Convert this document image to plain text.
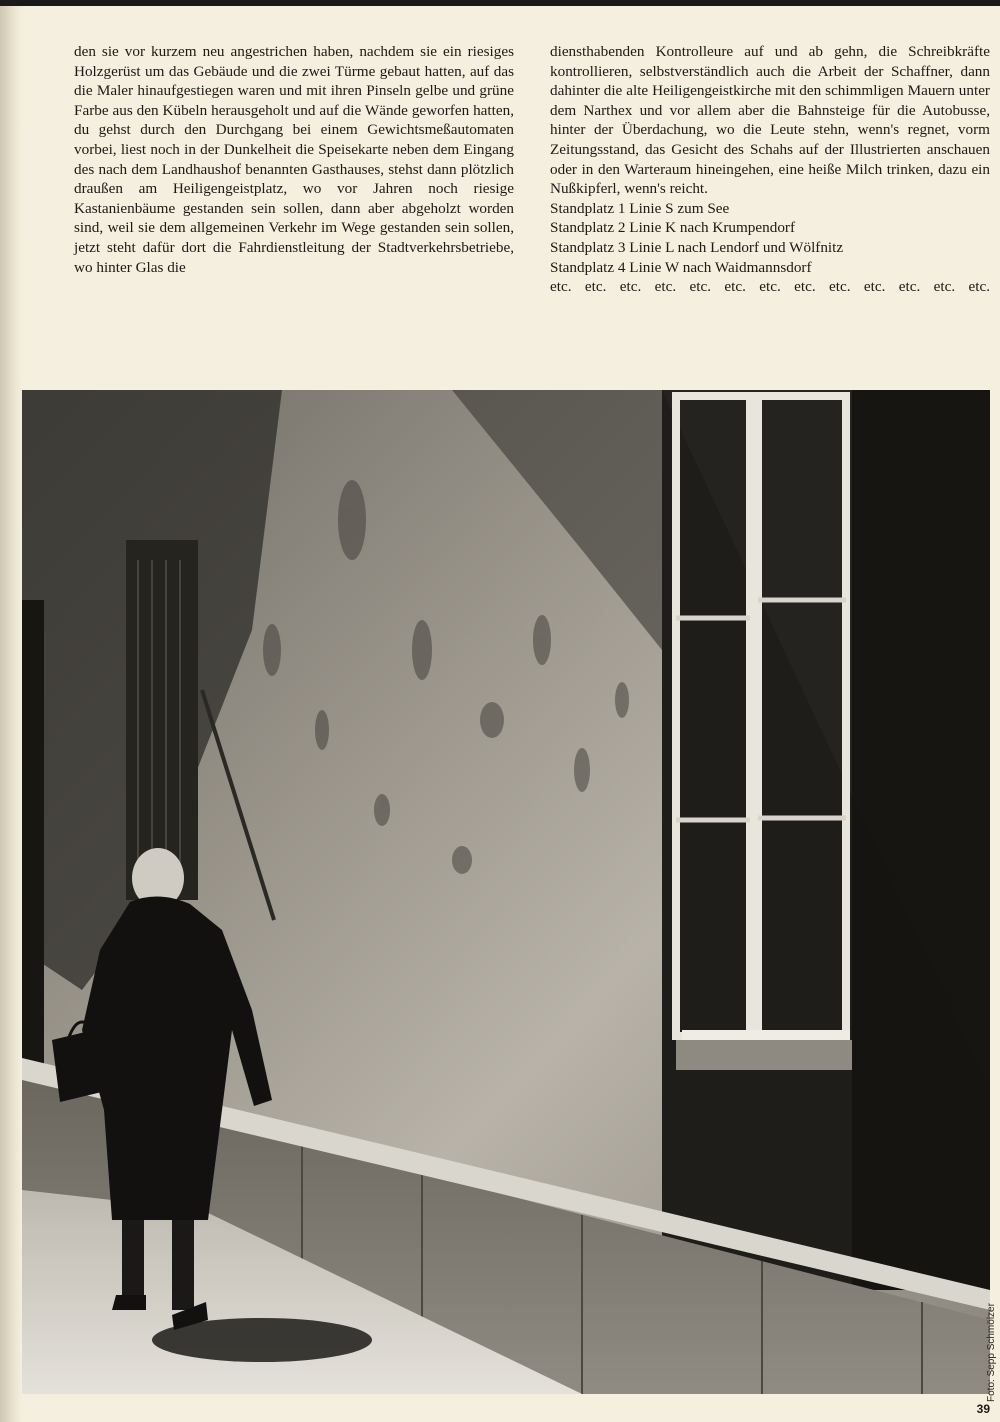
den sie vor kurzem neu angestrichen haben, nachdem sie ein riesiges Holzgerüst um das Gebäude und die zwei Türme gebaut hatten, auf das die Maler hinaufgestiegen waren und mit ihren Pinseln gelbe und grüne Farbe aus den Kübeln herausgeholt und auf die Wände geworfen hatten, du gehst durch den Durchgang bei einem Gewichtsmeßautomaten vorbei, liest noch in der Dunkelheit die Speisekarte neben dem Eingang des nach dem Landhaushof benannten Gasthauses, stehst dann plötzlich draußen am Heiligengeistplatz, wo vor Jahren noch riesige Kastanienbäume gestanden sein sollen, dann aber abgeholzt worden sind, weil sie dem allgemeinen Verkehr im Wege gestanden sein sollen, jetzt steht dafür dort die Fahrdienstleitung der Stadtverkehrsbetriebe, wo hinter Glas die

diensthabenden Kontrolleure auf und ab gehn, die Schreibkräfte kontrollieren, selbstverständlich auch die Arbeit der Schaffner, dann dahinter die alte Heiligengeistkirche mit den schimmligen Mauern unter dem Narthex und vor allem aber die Bahnsteige für die Autobusse, hinter der Überdachung, wo die Leute stehn, wenn's regnet, vorm Zeitungsstand, das Gesicht des Schahs auf der Illustrierten anschauen oder in den Warteraum hineingehen, eine heiße Milch trinken, dazu ein Nußkipferl, wenn's reicht.

Standplatz 1 Linie S zum See
Standplatz 2 Linie K nach Krumpendorf
Standplatz 3 Linie L nach Lendorf und Wölfnitz
Standplatz 4 Linie W nach Waidmannsdorf
etc. etc. etc. etc. etc. etc. etc. etc. etc. etc. etc. etc. etc.
Foto: Sepp Schmölzer
39
